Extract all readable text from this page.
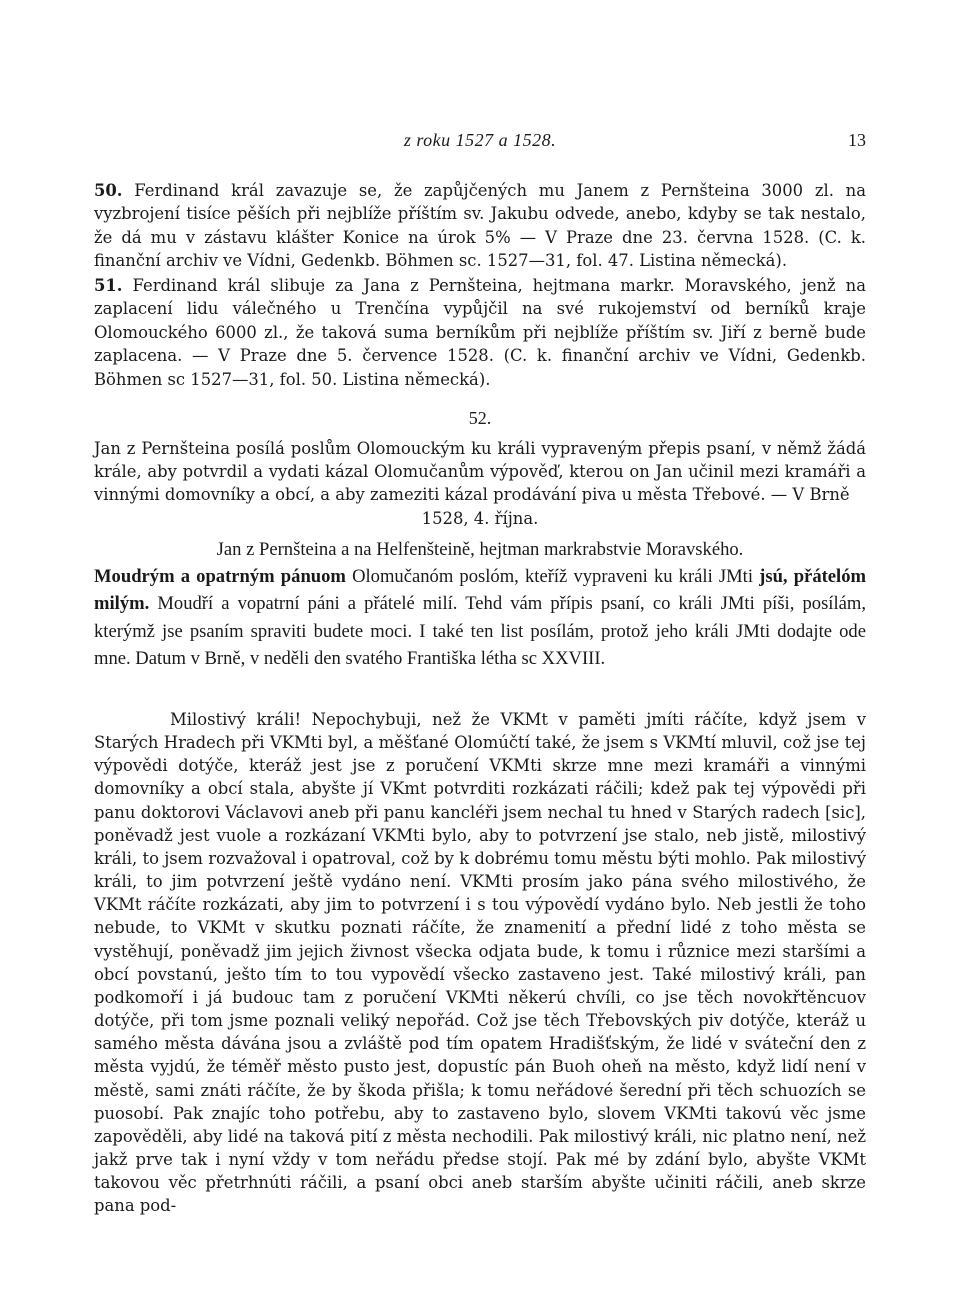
z roku 1527 a 1528.	13
50. Ferdinand král zavazuje se, že zapůjčených mu Janem z Pernšteina 3000 zl. na vyzbrojení tisíce pěších při nejblíže příštím sv. Jakubu odvede, anebo, kdyby se tak nestalo, že dá mu v zástavu klášter Konice na úrok 5% — V Praze dne 23. června 1528. (C. k. finanční archiv ve Vídni, Gedenkb. Böhmen sc. 1527—31, fol. 47. Listina německá).
51. Ferdinand král slibuje za Jana z Pernšteina, hejtmana markr. Moravského, jenž na zaplacení lidu válečného u Trenčína vypůjčil na své rukojemství od berníků kraje Olomouckého 6000 zl., že taková suma berníkům při nejblíže příštím sv. Jiří z berně bude zaplacena. — V Praze dne 5. července 1528. (C. k. finanční archiv ve Vídni, Gedenkb. Böhmen sc 1527—31, fol. 50. Listina německá).
52.
Jan z Pernšteina posílá poslům Olomouckým ku králi vypraveným přepis psaní, v němž žádá krále, aby potvrdil a vydati kázal Olomučanům výpověď, kterou on Jan učinil mezi kramáři a vinnými domovníky a obcí, a aby zameziti kázal prodávání piva u města Třebové. — V Brně
1528, 4. října.
Jan z Pernšteina a na Helfenšteině, hejtman markrabstvie Moravského.
Moudrým a opatrným pánuom Olomučanóm poslóm, kteříž vypraveni ku králi JMti jsú, přátelóm milým. Moudří a vopatrní páni a přátelé milí. Tehd vám přípis psaní, co králi JMti píši, posílám, kterýmž jse psaním spraviti budete moci. I také ten list posílám, protož jeho králi JMti dodajte ode mne. Datum v Brně, v neděli den svatého Františka létha sc XXVIII.
Milostivý králi! Nepochybuji, než že VKMt v paměti jmíti ráčíte, když jsem v Starých Hradech při VKMti byl, a měšťané Olomúčtí také, že jsem s VKMtí mluvil, což jse tej výpovědi dotýče, kteráž jest jse z poručení VKMti skrze mne mezi kramáři a vinnými domovníky a obcí stala, abyšte jí VKmt potvrditi rozkázati ráčili; kdež pak tej výpovědi při panu doktorovi Václavovi aneb při panu kancléři jsem nechal tu hned v Starých radech [sic], poněvadž jest vuole a rozkázaní VKMti bylo, aby to potvrzení jse stalo, neb jistě, milostivý králi, to jsem rozvažoval i opatroval, což by k dobrému tomu městu býti mohlo. Pak milostivý králi, to jim potvrzení ještě vydáno není. VKMti prosím jako pána svého milostivého, že VKMt ráčíte rozkázati, aby jim to potvrzení i s tou výpovědí vydáno bylo. Neb jestli že toho nebude, to VKMt v skutku poznati ráčíte, že znamenití a přední lidé z toho města se vystěhují, poněvadž jim jejich živnost všecka odjata bude, k tomu i různice mezi staršími a obcí povstanú, ješto tím to tou vypovědí všecko zastaveno jest. Také milostivý králi, pan podkomoří i já budouc tam z poručení VKMti někerú chvíli, co jse těch novokřtěncuov dotýče, při tom jsme poznali veliký nepořád. Což jse těch Třebovských piv dotýče, kteráž u samého města dávána jsou a zvláště pod tím opatem Hradišťským, že lidé v sváteční den z města vyjdú, že téměř město pusto jest, dopustíc pán Buoh oheň na město, když lidí není v městě, sami znáti ráčíte, že by škoda přišla; k tomu neřádové šerední při těch schuozích se puosobí. Pak znajíc toho potřebu, aby to zastaveno bylo, slovem VKMti takovú věc jsme zapověděli, aby lidé na taková pití z města nechodili. Pak milostivý králi, nic platno není, než jakž prve tak i nyní vždy v tom neřádu předse stojí. Pak mé by zdání bylo, abyšte VKMt takovou věc přetrhnúti ráčili, a psaní obci aneb starším abyšte učiniti ráčili, aneb skrze pana pod-
